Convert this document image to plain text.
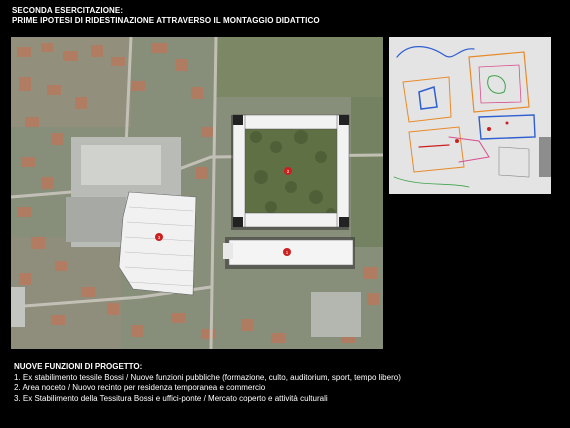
SECONDA ESERCITAZIONE:
PRIME IPOTESI DI RIDESTINAZIONE ATTRAVERSO IL MONTAGGIO DIDATTICO
1
2
3
NUOVE FUNZIONI DI PROGETTO:
1. Ex stabilimento tessile Bossi / Nuove funzioni pubbliche (formazione, culto, auditorium, sport, tempo libero)
2. Area noceto / Nuovo recinto per residenza temporanea e commercio
3. Ex Stabilimento della Tessitura Bossi e uffici-ponte / Mercato coperto e attività culturali
